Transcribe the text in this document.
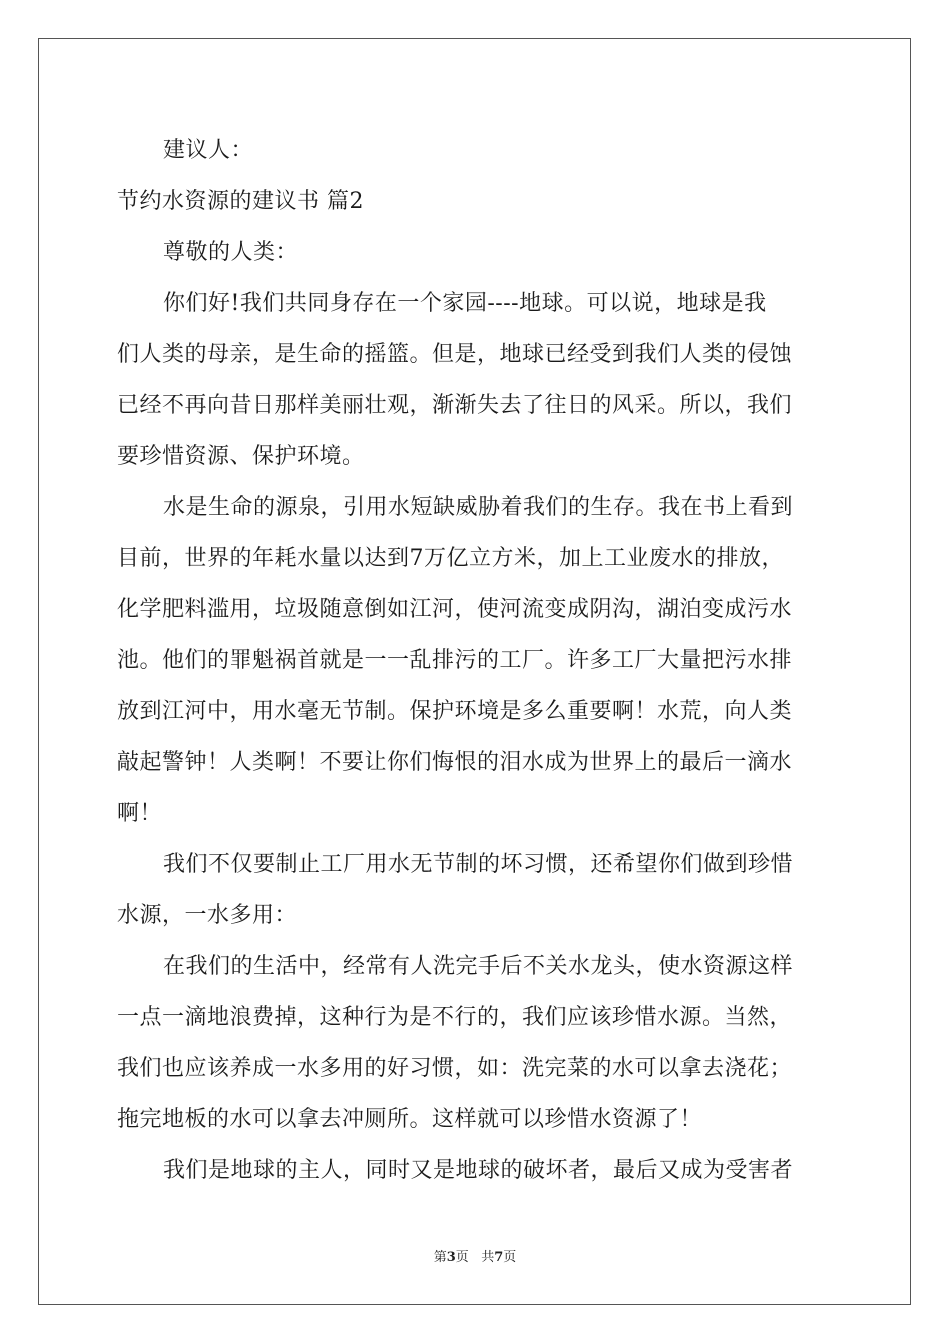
建议人：
节约水资源的建议书 篇2
尊敬的人类：
你们好!我们共同身存在一个家园----地球。可以说，地球是我
们人类的母亲，是生命的摇篮。但是，地球已经受到我们人类的侵蚀
已经不再向昔日那样美丽壮观，渐渐失去了往日的风采。所以，我们
要珍惜资源、保护环境。
水是生命的源泉，引用水短缺威胁着我们的生存。我在书上看到
目前，世界的年耗水量以达到7万亿立方米，加上工业废水的排放，
化学肥料滥用，垃圾随意倒如江河，使河流变成阴沟，湖泊变成污水
池。他们的罪魁祸首就是一一乱排污的工厂。许多工厂大量把污水排
放到江河中，用水毫无节制。保护环境是多么重要啊！水荒，向人类
敲起警钟！人类啊！不要让你们悔恨的泪水成为世界上的最后一滴水
啊！
我们不仅要制止工厂用水无节制的坏习惯，还希望你们做到珍惜
水源，一水多用：
在我们的生活中，经常有人洗完手后不关水龙头，使水资源这样
一点一滴地浪费掉，这种行为是不行的，我们应该珍惜水源。当然，
我们也应该养成一水多用的好习惯，如：洗完菜的水可以拿去浇花；
拖完地板的水可以拿去冲厕所。这样就可以珍惜水资源了！
我们是地球的主人，同时又是地球的破坏者，最后又成为受害者
第3页 共7页
